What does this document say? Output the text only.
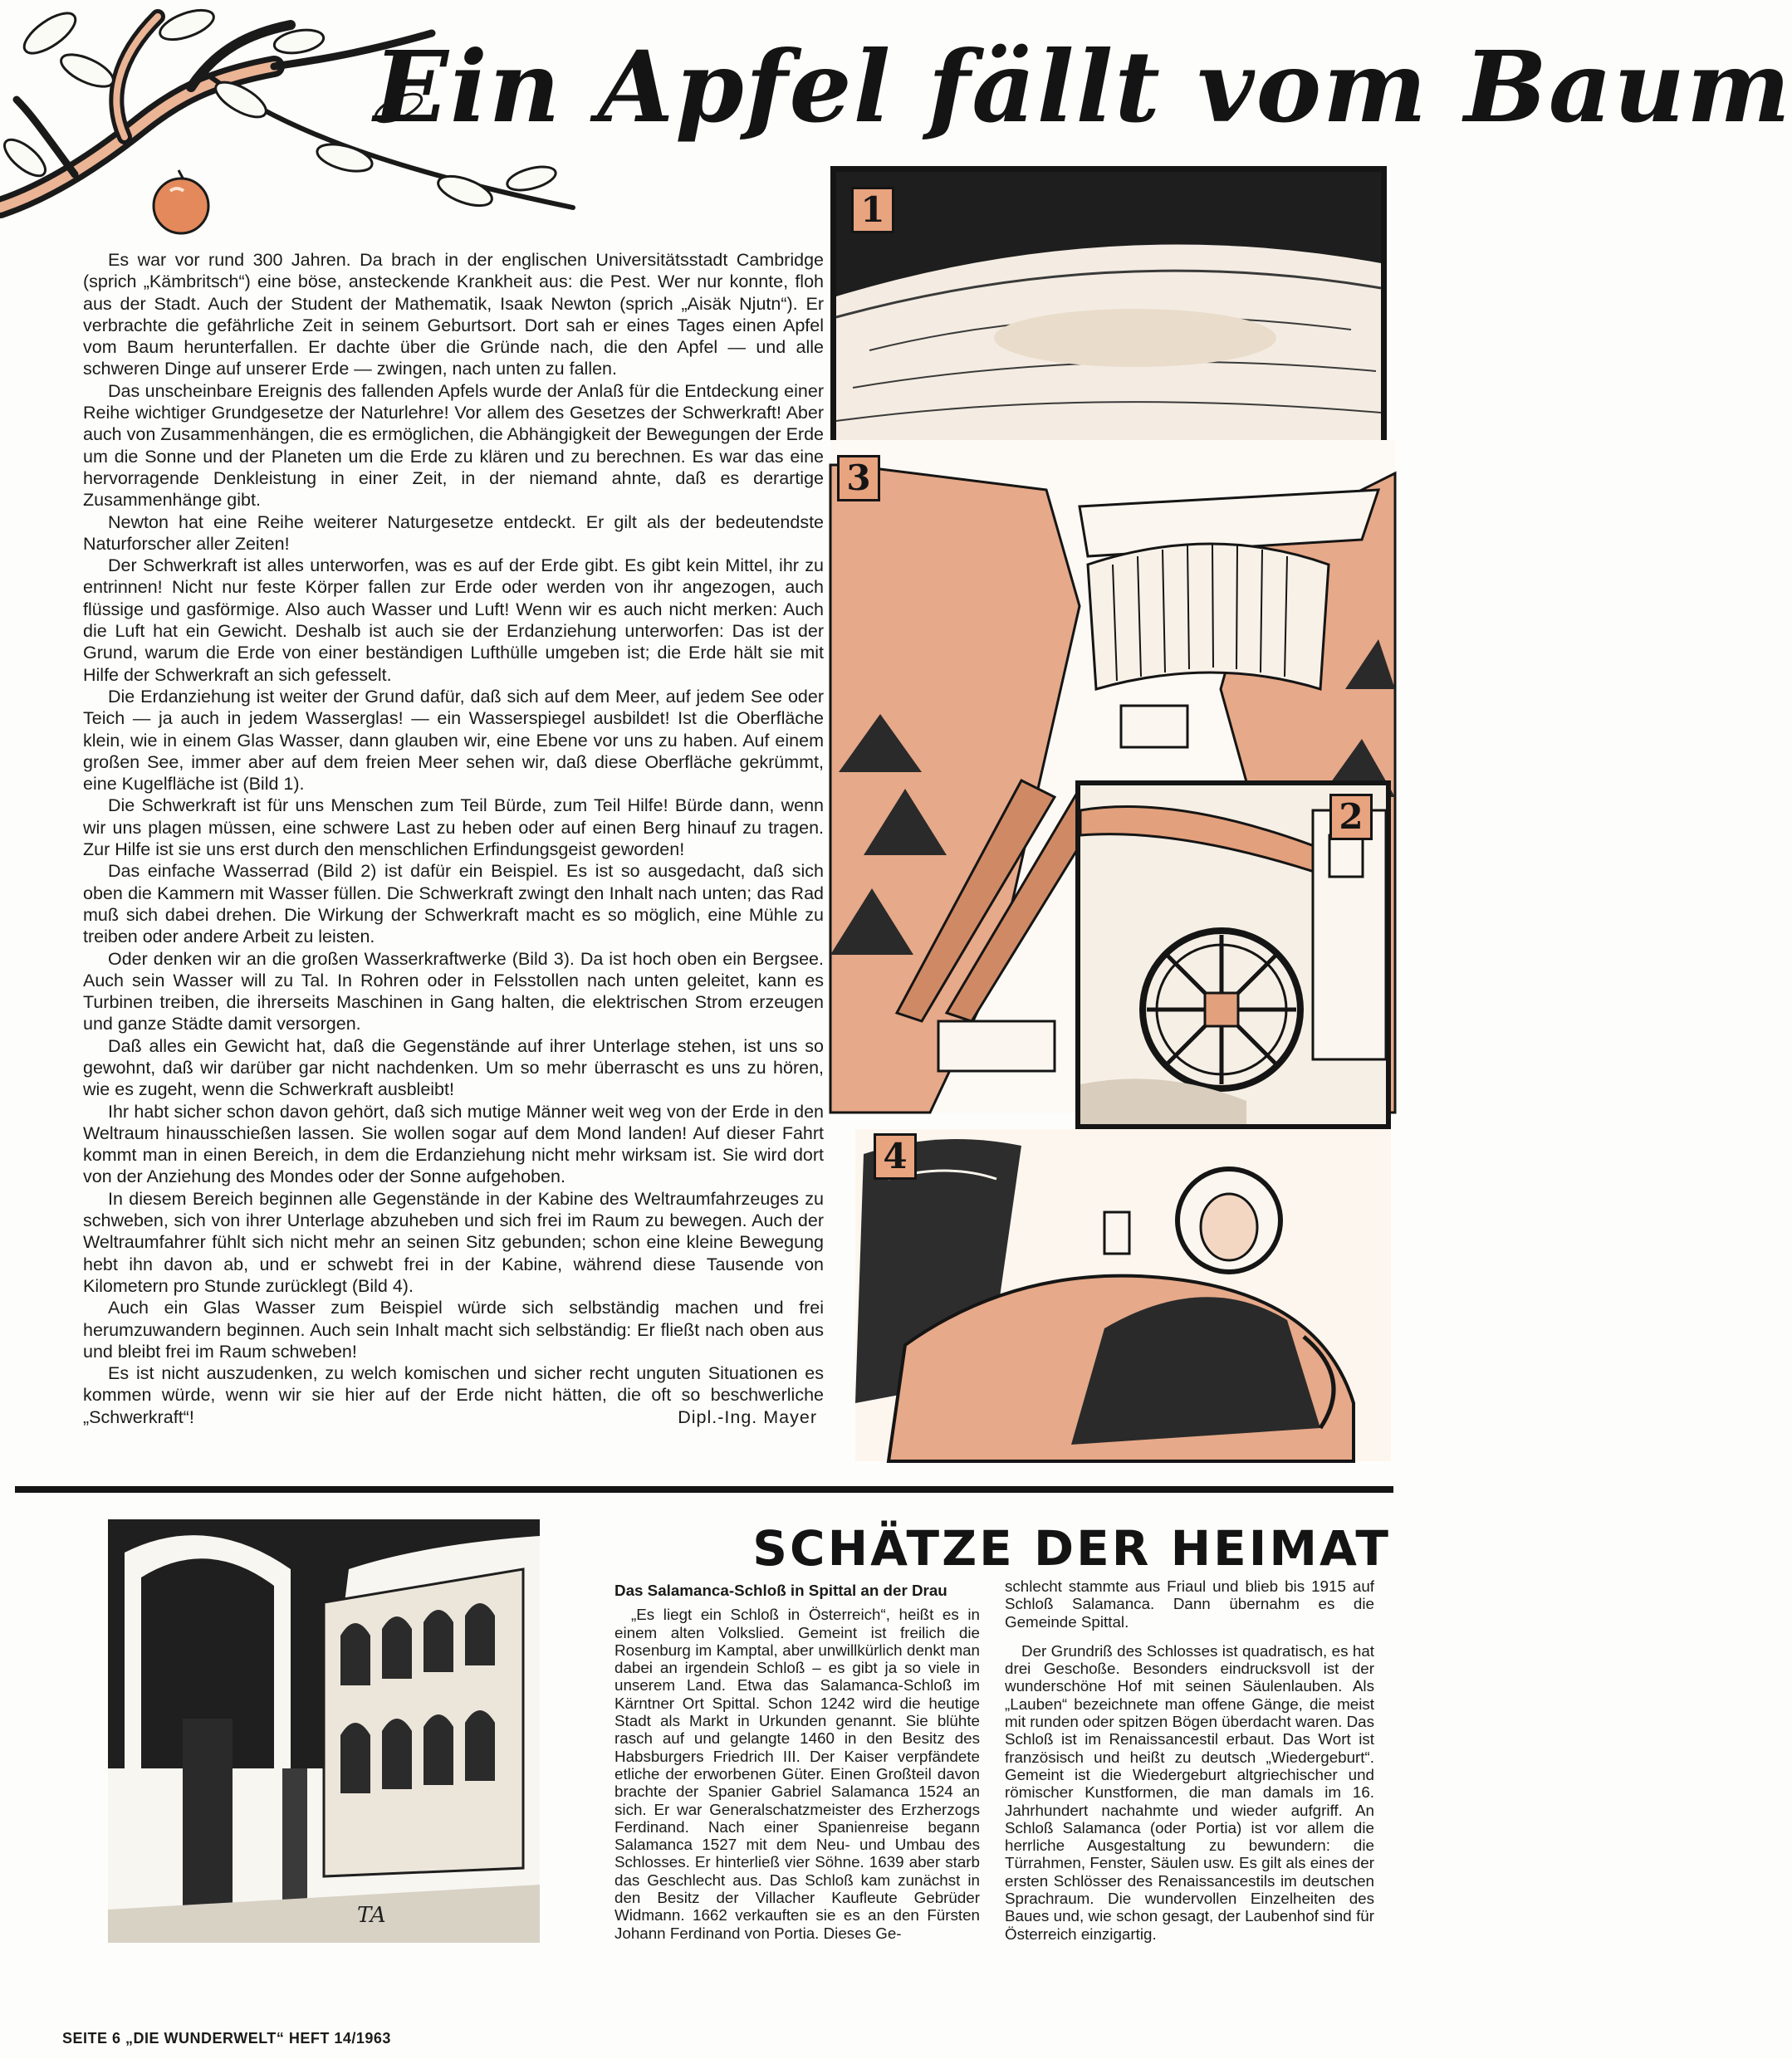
Ein Apfel fällt vom Baum

Es war vor rund 300 Jahren. Da brach in der englischen Universitätsstadt Cambridge (sprich „Kämbritsch“) eine böse, ansteckende Krankheit aus: die Pest. Wer nur konnte, floh aus der Stadt. Auch der Student der Mathematik, Isaak Newton (sprich „Aisäk Njutn“). Er verbrachte die gefährliche Zeit in seinem Geburtsort. Dort sah er eines Tages einen Apfel vom Baum herunterfallen. Er dachte über die Gründe nach, die den Apfel — und alle schweren Dinge auf unserer Erde — zwingen, nach unten zu fallen.

Das unscheinbare Ereignis des fallenden Apfels wurde der Anlaß für die Entdeckung einer Reihe wichtiger Grundgesetze der Naturlehre! Vor allem des Gesetzes der Schwerkraft! Aber auch von Zusammenhängen, die es ermöglichen, die Abhängigkeit der Bewegungen der Erde um die Sonne und der Planeten um die Erde zu klären und zu berechnen. Es war das eine hervorragende Denkleistung in einer Zeit, in der niemand ahnte, daß es derartige Zusammenhänge gibt.

Newton hat eine Reihe weiterer Naturgesetze entdeckt. Er gilt als der bedeutendste Naturforscher aller Zeiten!

Der Schwerkraft ist alles unterworfen, was es auf der Erde gibt. Es gibt kein Mittel, ihr zu entrinnen! Nicht nur feste Körper fallen zur Erde oder werden von ihr angezogen, auch flüssige und gasförmige. Also auch Wasser und Luft! Wenn wir es auch nicht merken: Auch die Luft hat ein Gewicht. Deshalb ist auch sie der Erdanziehung unterworfen: Das ist der Grund, warum die Erde von einer beständigen Lufthülle umgeben ist; die Erde hält sie mit Hilfe der Schwerkraft an sich gefesselt.

Die Erdanziehung ist weiter der Grund dafür, daß sich auf dem Meer, auf jedem See oder Teich — ja auch in jedem Wasserglas! — ein Wasserspiegel ausbildet! Ist die Oberfläche klein, wie in einem Glas Wasser, dann glauben wir, eine Ebene vor uns zu haben. Auf einem großen See, immer aber auf dem freien Meer sehen wir, daß diese Oberfläche gekrümmt, eine Kugelfläche ist (Bild 1).

Die Schwerkraft ist für uns Menschen zum Teil Bürde, zum Teil Hilfe! Bürde dann, wenn wir uns plagen müssen, eine schwere Last zu heben oder auf einen Berg hinauf zu tragen. Zur Hilfe ist sie uns erst durch den menschlichen Erfindungsgeist geworden!

Das einfache Wasserrad (Bild 2) ist dafür ein Beispiel. Es ist so ausgedacht, daß sich oben die Kammern mit Wasser füllen. Die Schwerkraft zwingt den Inhalt nach unten; das Rad muß sich dabei drehen. Die Wirkung der Schwerkraft macht es so möglich, eine Mühle zu treiben oder andere Arbeit zu leisten.

Oder denken wir an die großen Wasserkraftwerke (Bild 3). Da ist hoch oben ein Bergsee. Auch sein Wasser will zu Tal. In Rohren oder in Felsstollen nach unten geleitet, kann es Turbinen treiben, die ihrerseits Maschinen in Gang halten, die elektrischen Strom erzeugen und ganze Städte damit versorgen.

Daß alles ein Gewicht hat, daß die Gegenstände auf ihrer Unterlage stehen, ist uns so gewohnt, daß wir darüber gar nicht nachdenken. Um so mehr überrascht es uns zu hören, wie es zugeht, wenn die Schwerkraft ausbleibt!

Ihr habt sicher schon davon gehört, daß sich mutige Männer weit weg von der Erde in den Weltraum hinausschießen lassen. Sie wollen sogar auf dem Mond landen! Auf dieser Fahrt kommt man in einen Bereich, in dem die Erdanziehung nicht mehr wirksam ist. Sie wird dort von der Anziehung des Mondes oder der Sonne aufgehoben.

In diesem Bereich beginnen alle Gegenstände in der Kabine des Weltraumfahrzeuges zu schweben, sich von ihrer Unterlage abzuheben und sich frei im Raum zu bewegen. Auch der Weltraumfahrer fühlt sich nicht mehr an seinen Sitz gebunden; schon eine kleine Bewegung hebt ihn davon ab, und er schwebt frei in der Kabine, während diese Tausende von Kilometern pro Stunde zurücklegt (Bild 4).

Auch ein Glas Wasser zum Beispiel würde sich selbständig machen und frei herumzuwandern beginnen. Auch sein Inhalt macht sich selbständig: Er fließt nach oben aus und bleibt frei im Raum schweben!

Es ist nicht auszudenken, zu welch komischen und sicher recht unguten Situationen es kommen würde, wenn wir sie hier auf der Erde nicht hätten, die oft so beschwerliche „Schwerkraft“!	Dipl.-Ing. Mayer

1
3
2
4
TA
SCHÄTZE DER HEIMAT

Das Salamanca-Schloß in Spittal an der Drau

„Es liegt ein Schloß in Österreich“, heißt es in einem alten Volkslied. Gemeint ist freilich die Rosenburg im Kamptal, aber unwillkürlich denkt man dabei an irgendein Schloß – es gibt ja so viele in unserem Land. Etwa das Salamanca-Schloß im Kärntner Ort Spittal. Schon 1242 wird die heutige Stadt als Markt in Urkunden genannt. Sie blühte rasch auf und gelangte 1460 in den Besitz des Habsburgers Friedrich III. Der Kaiser verpfändete etliche der erworbenen Güter. Einen Großteil davon brachte der Spanier Gabriel Salamanca 1524 an sich. Er war Generalschatzmeister des Erzherzogs Ferdinand. Nach einer Spanienreise begann Salamanca 1527 mit dem Neu- und Umbau des Schlosses. Er hinterließ vier Söhne. 1639 aber starb das Geschlecht aus. Das Schloß kam zunächst in den Besitz der Villacher Kaufleute Gebrüder Widmann. 1662 verkauften sie es an den Fürsten Johann Ferdinand von Portia. Dieses Ge-

schlecht stammte aus Friaul und blieb bis 1915 auf Schloß Salamanca. Dann übernahm es die Gemeinde Spittal.

Der Grundriß des Schlosses ist quadratisch, es hat drei Geschoße. Besonders eindrucksvoll ist der wunderschöne Hof mit seinen Säulenlauben. Als „Lauben“ bezeichnete man offene Gänge, die meist mit runden oder spitzen Bögen überdacht waren. Das Schloß ist im Renaissancestil erbaut. Das Wort ist französisch und heißt zu deutsch „Wiedergeburt“. Gemeint ist die Wiedergeburt altgriechischer und römischer Kunstformen, die man damals im 16. Jahrhundert nachahmte und wieder aufgriff. An Schloß Salamanca (oder Portia) ist vor allem die herrliche Ausgestaltung zu bewundern: die Türrahmen, Fenster, Säulen usw. Es gilt als eines der ersten Schlösser des Renaissancestils im deutschen Sprachraum. Die wundervollen Einzelheiten des Baues und, wie schon gesagt, der Laubenhof sind für Österreich einzigartig.

SEITE 6 „DIE WUNDERWELT“ HEFT 14/1963
